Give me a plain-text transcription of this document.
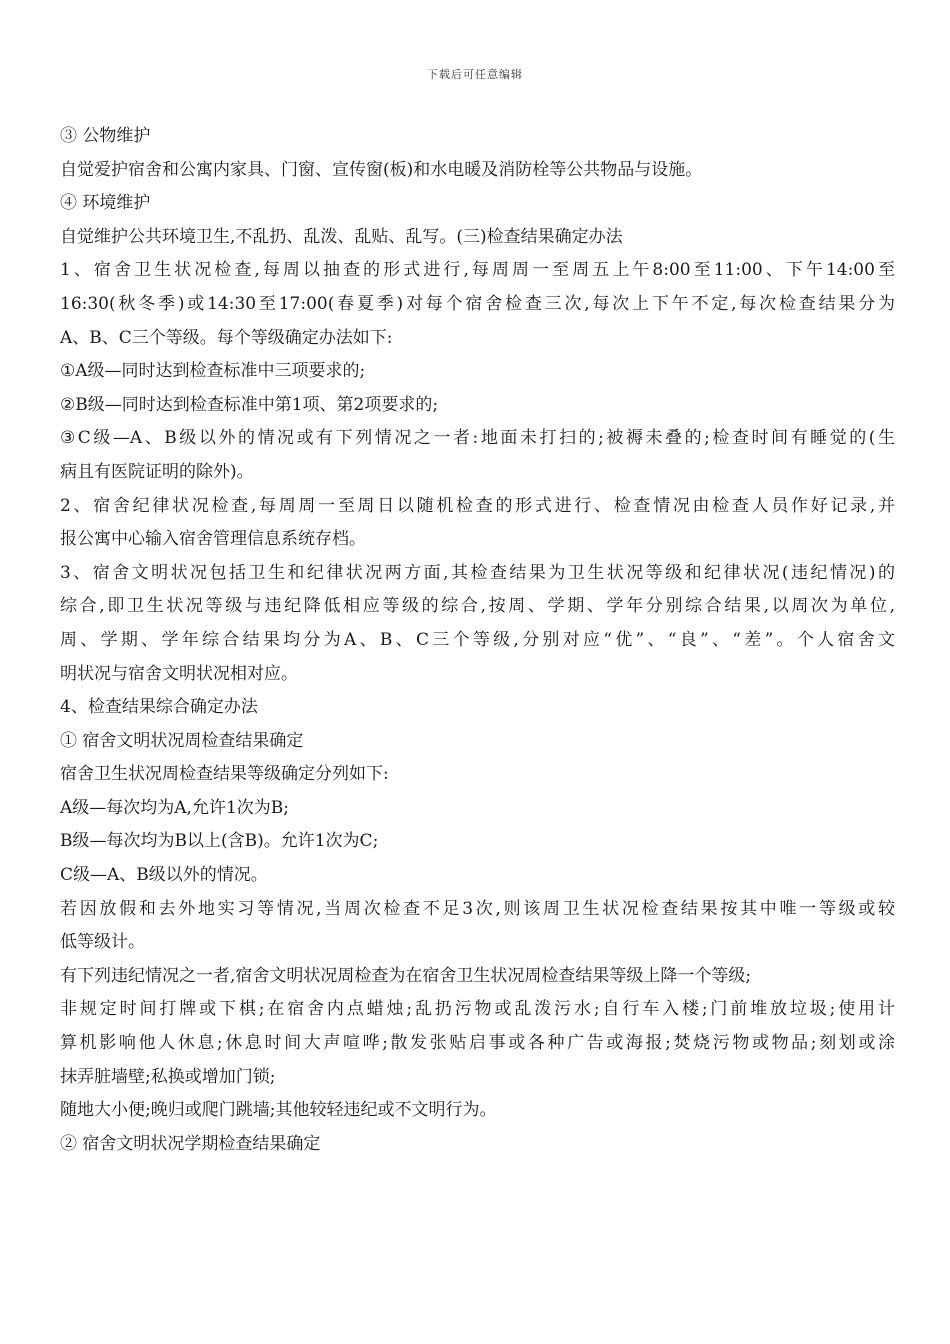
下载后可任意编辑
③ 公物维护
自觉爱护宿舍和公寓内家具、门窗、宣传窗(板)和水电暖及消防栓等公共物品与设施。
④ 环境维护
自觉维护公共环境卫生,不乱扔、乱泼、乱贴、乱写。(三)检查结果确定办法
1、宿舍卫生状况检查,每周以抽查的形式进行,每周周一至周五上午8:00至11:00、下午14:00至
16:30(秋冬季)或14:30至17:00(春夏季)对每个宿舍检查三次,每次上下午不定,每次检查结果分为
A、B、C三个等级。每个等级确定办法如下:
①A级—同时达到检查标准中三项要求的;
②B级—同时达到检查标准中第1项、第2项要求的;
③C级—A、B级以外的情况或有下列情况之一者:地面未打扫的;被褥未叠的;检查时间有睡觉的(生
病且有医院证明的除外)。
2、宿舍纪律状况检查,每周周一至周日以随机检查的形式进行、检查情况由检查人员作好记录,并
报公寓中心输入宿舍管理信息系统存档。
3、宿舍文明状况包括卫生和纪律状况两方面,其检查结果为卫生状况等级和纪律状况(违纪情况)的
综合,即卫生状况等级与违纪降低相应等级的综合,按周、学期、学年分别综合结果,以周次为单位,
周、学期、学年综合结果均分为A、B、C三个等级,分别对应“优”、“良”、“差”。个人宿舍文
明状况与宿舍文明状况相对应。
4、检查结果综合确定办法
① 宿舍文明状况周检查结果确定
宿舍卫生状况周检查结果等级确定分列如下:
A级—每次均为A,允许1次为B;
B级—每次均为B以上(含B)。允许1次为C;
C级—A、B级以外的情况。
若因放假和去外地实习等情况,当周次检查不足3次,则该周卫生状况检查结果按其中唯一等级或较
低等级计。
有下列违纪情况之一者,宿舍文明状况周检查为在宿舍卫生状况周检查结果等级上降一个等级;
非规定时间打牌或下棋;在宿舍内点蜡烛;乱扔污物或乱泼污水;自行车入楼;门前堆放垃圾;使用计
算机影响他人休息;休息时间大声喧哗;散发张贴启事或各种广告或海报;焚烧污物或物品;刻划或涂
抹弄脏墙壁;私换或增加门锁;
随地大小便;晚归或爬门跳墙;其他较轻违纪或不文明行为。
② 宿舍文明状况学期检查结果确定
